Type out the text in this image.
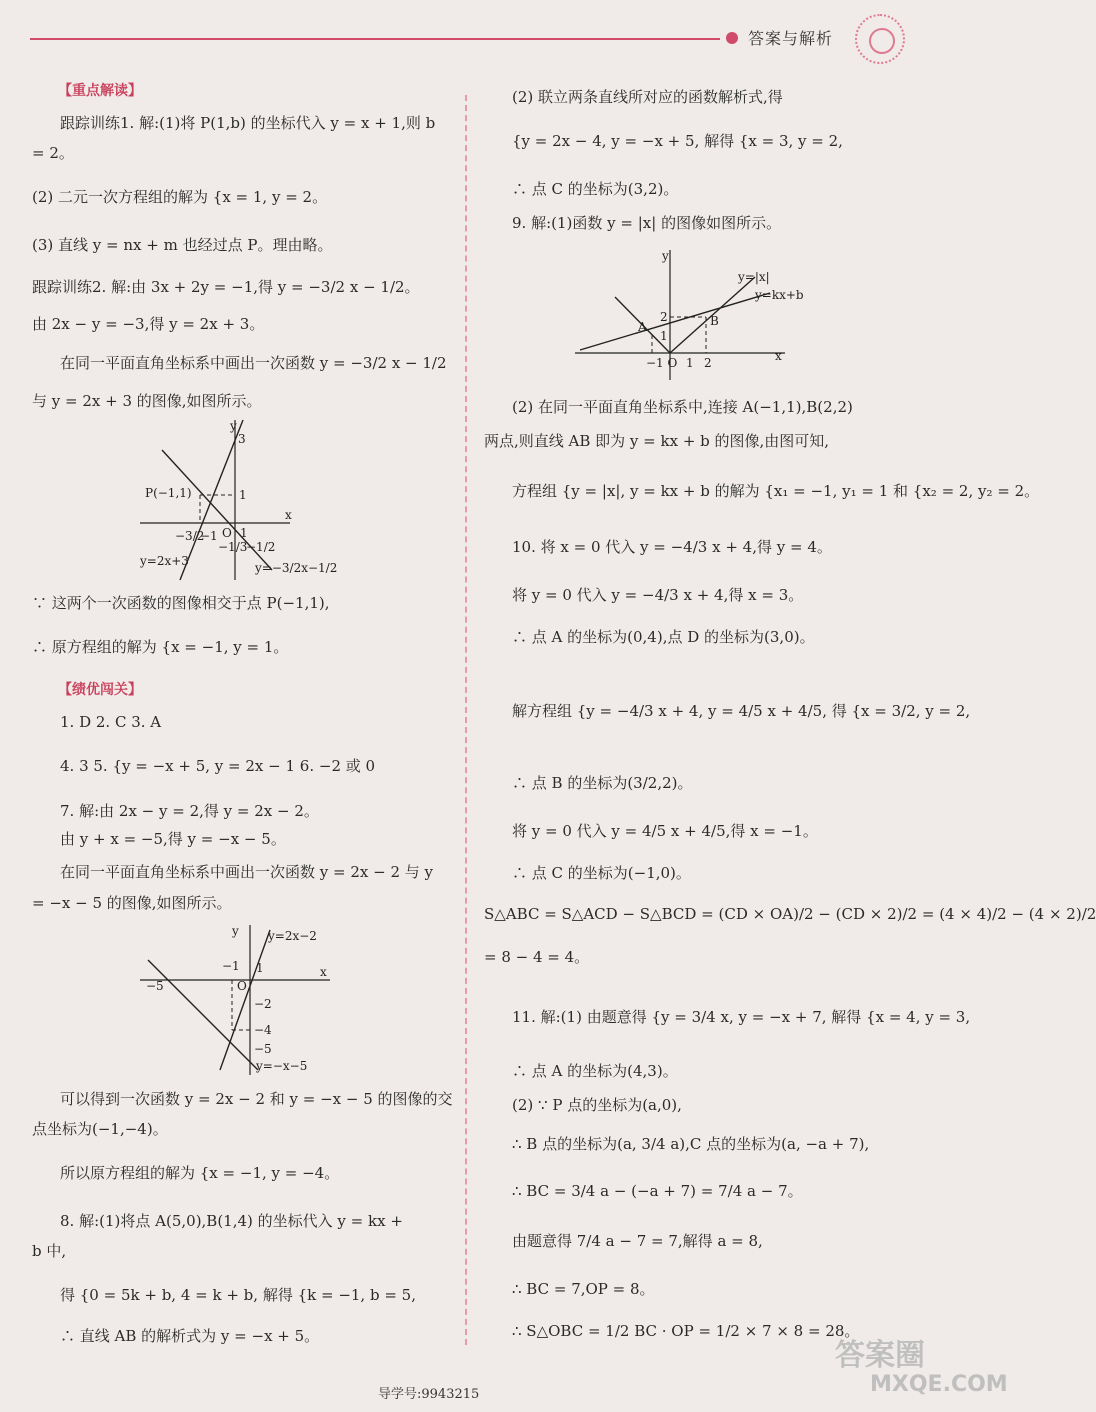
答案与解析
【重点解读】
跟踪训练1. 解:(1)将 P(1,b) 的坐标代入 y = x + 1,则 b
= 2。
(2) 二元一次方程组的解为 {x = 1, y = 2。
(3) 直线 y = nx + m 也经过点 P。理由略。
跟踪训练2. 解:由 3x + 2y = −1,得 y = −3/2 x − 1/2。
由 2x − y = −3,得 y = 2x + 3。
在同一平面直角坐标系中画出一次函数 y = −3/2 x − 1/2
与 y = 2x + 3 的图像,如图所示。
y
x
3
1
P(−1,1)
O
−3/2
−1
−1/3
1
−1/2
y=2x+3	y=−3/2x−1/2
∵ 这两个一次函数的图像相交于点 P(−1,1),
∴ 原方程组的解为 {x = −1, y = 1。
【绩优闯关】
1. D 2. C 3. A
4. 3 5. {y = −x + 5, y = 2x − 1 6. −2 或 0
7. 解:由 2x − y = 2,得 y = 2x − 2。
由 y + x = −5,得 y = −x − 5。
在同一平面直角坐标系中画出一次函数 y = 2x − 2 与 y
= −x − 5 的图像,如图所示。
y
x
y=2x−2
−5
−1
O
1
−2
−4
−5
y=−x−5
可以得到一次函数 y = 2x − 2 和 y = −x − 5 的图像的交
点坐标为(−1,−4)。
所以原方程组的解为 {x = −1, y = −4。
8. 解:(1)将点 A(5,0),B(1,4) 的坐标代入 y = kx +
b 中,
得 {0 = 5k + b, 4 = k + b, 解得 {k = −1, b = 5,
∴ 直线 AB 的解析式为 y = −x + 5。
(2) 联立两条直线所对应的函数解析式,得
{y = 2x − 4, y = −x + 5, 解得 {x = 3, y = 2,
∴ 点 C 的坐标为(3,2)。
9. 解:(1)函数 y = |x| 的图像如图所示。
y
x
y=|x|
y=kx+b
A	B
2
1
−1 O 1 2
(2) 在同一平面直角坐标系中,连接 A(−1,1),B(2,2)
两点,则直线 AB 即为 y = kx + b 的图像,由图可知,
方程组 {y = |x|, y = kx + b 的解为 {x₁ = −1, y₁ = 1 和 {x₂ = 2, y₂ = 2。
10. 将 x = 0 代入 y = −4/3 x + 4,得 y = 4。
将 y = 0 代入 y = −4/3 x + 4,得 x = 3。
∴ 点 A 的坐标为(0,4),点 D 的坐标为(3,0)。
解方程组 {y = −4/3 x + 4, y = 4/5 x + 4/5, 得 {x = 3/2, y = 2,
∴ 点 B 的坐标为(3/2,2)。
将 y = 0 代入 y = 4/5 x + 4/5,得 x = −1。
∴ 点 C 的坐标为(−1,0)。
S△ABC = S△ACD − S△BCD = (CD × OA)/2 − (CD × 2)/2 = (4 × 4)/2 − (4 × 2)/2
= 8 − 4 = 4。
11. 解:(1) 由题意得 {y = 3/4 x, y = −x + 7, 解得 {x = 4, y = 3,
∴ 点 A 的坐标为(4,3)。
(2) ∵ P 点的坐标为(a,0),
∴ B 点的坐标为(a, 3/4 a),C 点的坐标为(a, −a + 7),
∴ BC = 3/4 a − (−a + 7) = 7/4 a − 7。
由题意得 7/4 a − 7 = 7,解得 a = 8,
∴ BC = 7,OP = 8。
∴ S△OBC = 1/2 BC · OP = 1/2 × 7 × 8 = 28。
导学号:9943215
答案圈
MXQE.COM
